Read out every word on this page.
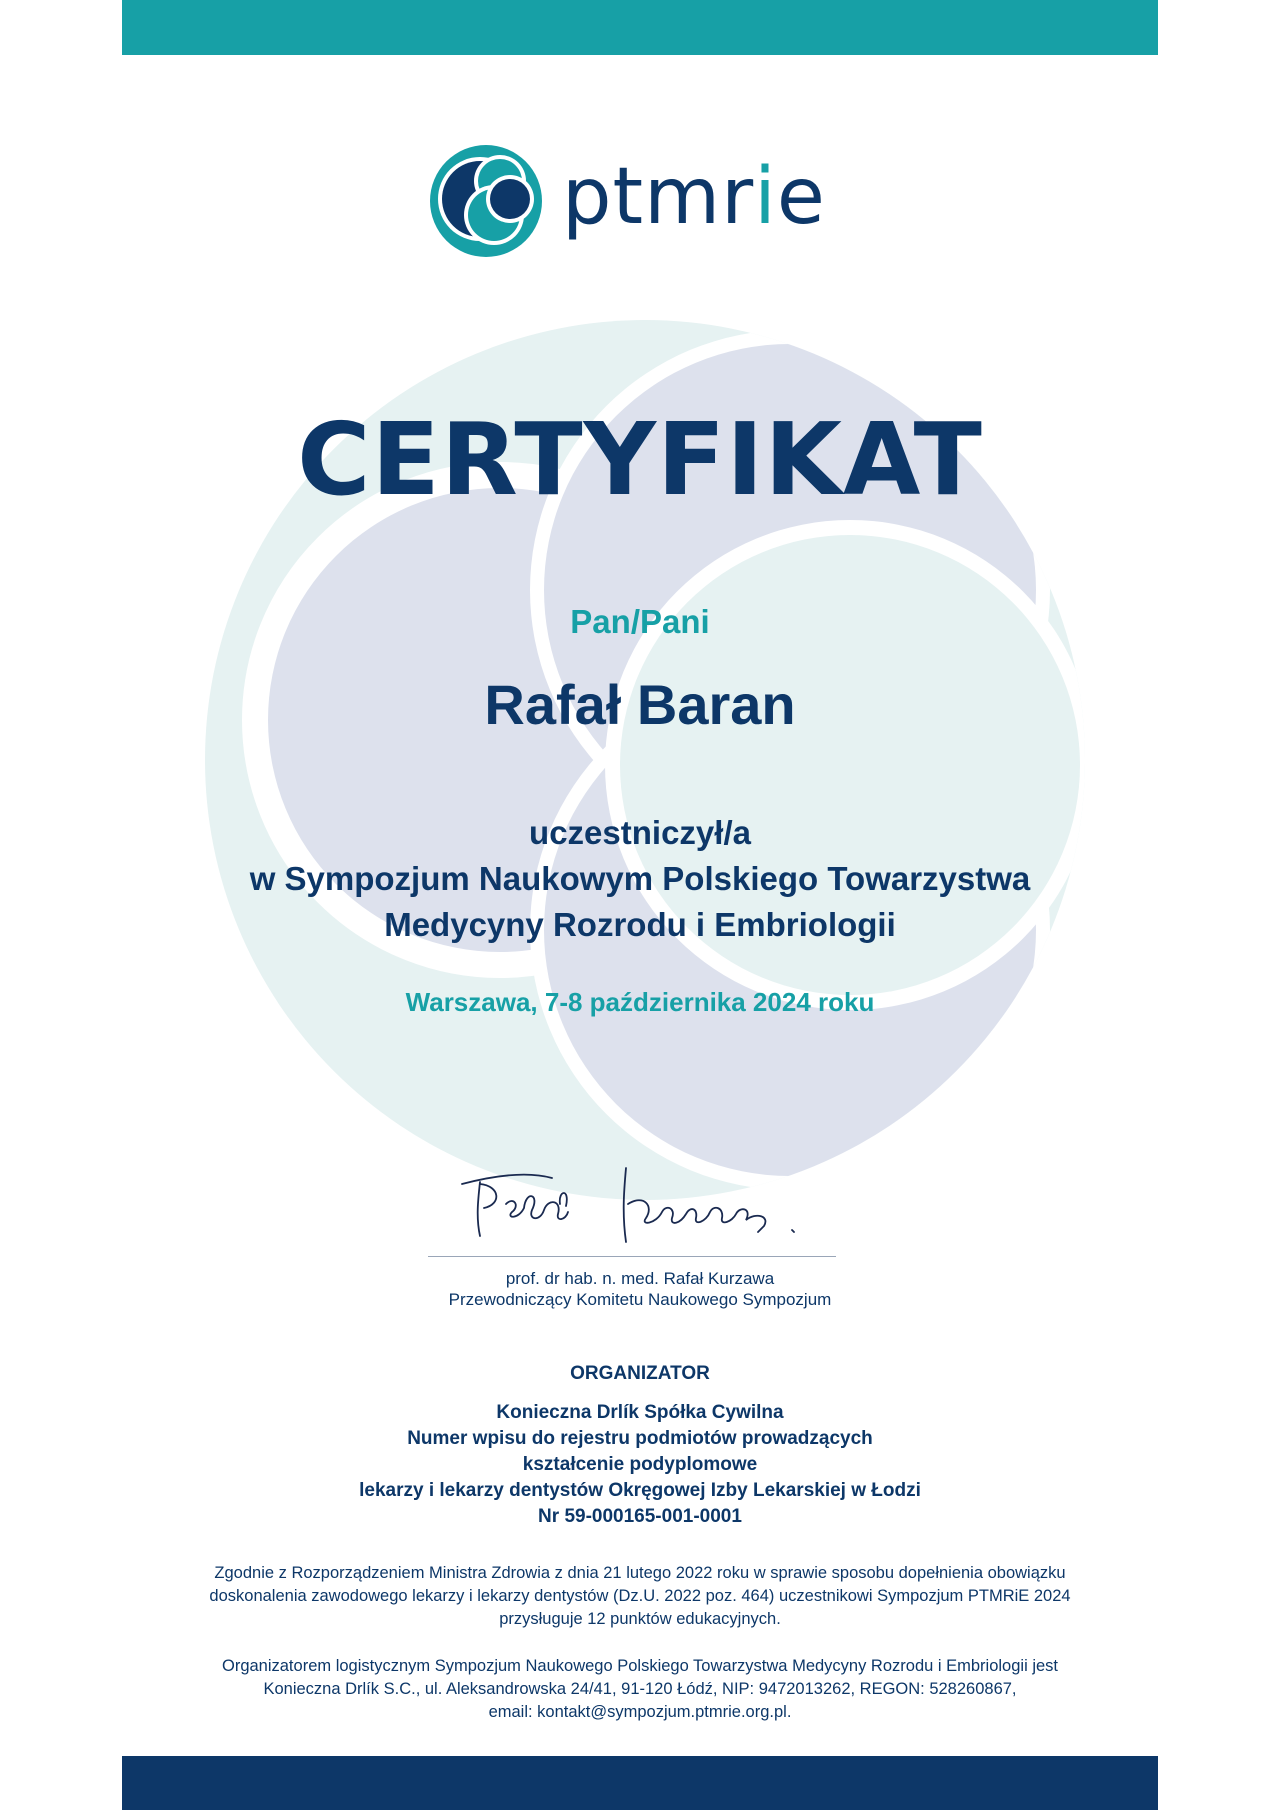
ptmrie
CERTYFIKAT
Pan/Pani
Rafał Baran
uczestniczył/a
w Sympozjum Naukowym Polskiego Towarzystwa
Medycyny Rozrodu i Embriologii
Warszawa, 7-8 października 2024 roku
prof. dr hab. n. med. Rafał Kurzawa
Przewodniczący Komitetu Naukowego Sympozjum
ORGANIZATOR
Konieczna Drlík Spółka Cywilna
Numer wpisu do rejestru podmiotów prowadzących
kształcenie podyplomowe
lekarzy i lekarzy dentystów Okręgowej Izby Lekarskiej w Łodzi
Nr 59-000165-001-0001
Zgodnie z Rozporządzeniem Ministra Zdrowia z dnia 21 lutego 2022 roku w sprawie sposobu dopełnienia obowiązku
doskonalenia zawodowego lekarzy i lekarzy dentystów (Dz.U. 2022 poz. 464) uczestnikowi Sympozjum PTMRiE 2024
przysługuje 12 punktów edukacyjnych.
Organizatorem logistycznym Sympozjum Naukowego Polskiego Towarzystwa Medycyny Rozrodu i Embriologii jest
Konieczna Drlík S.C., ul. Aleksandrowska 24/41, 91-120 Łódź, NIP: 9472013262, REGON: 528260867,
email: kontakt@sympozjum.ptmrie.org.pl.
